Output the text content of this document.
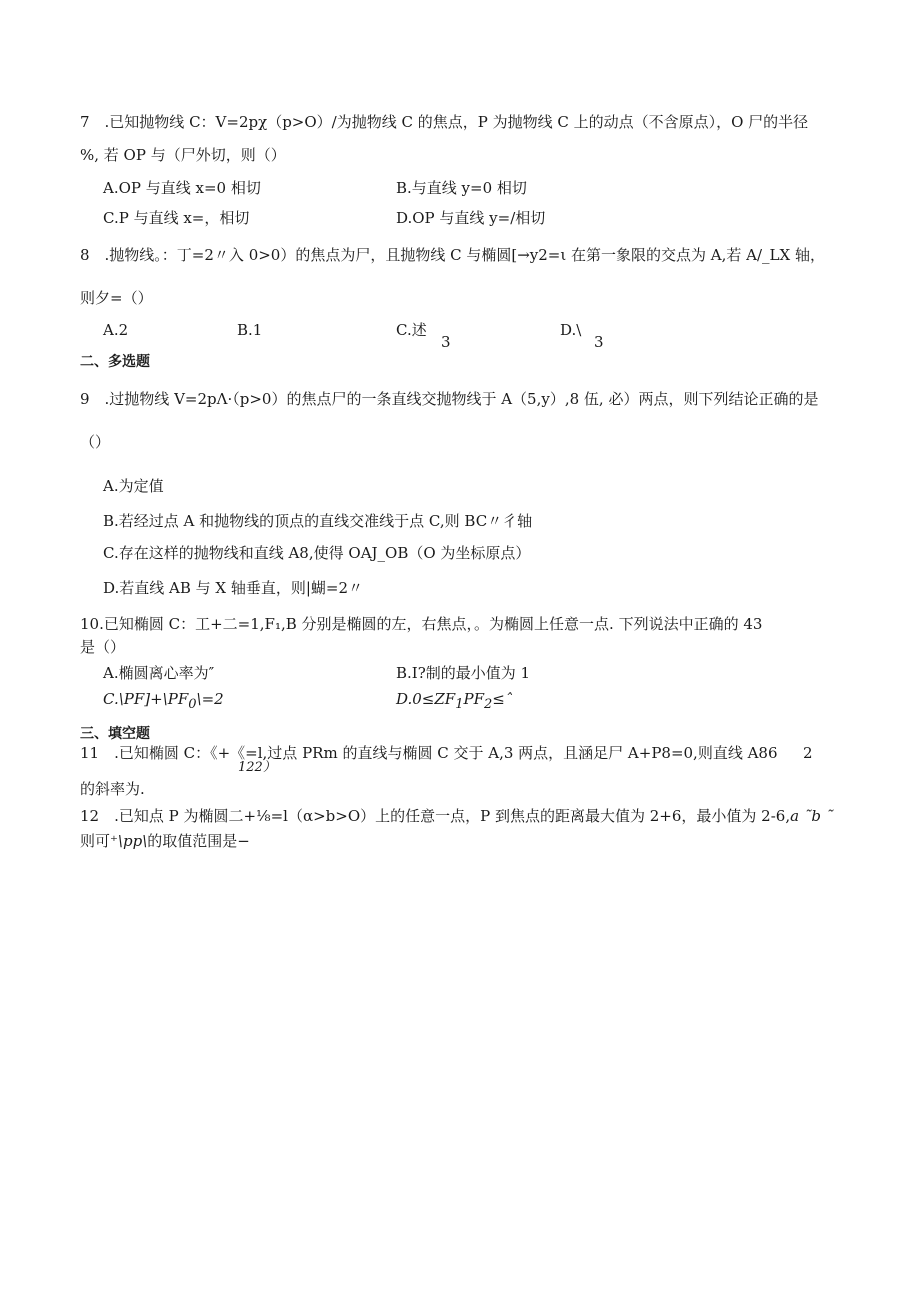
7　.已知抛物线 C：V=2pχ（p>O）/为抛物线 C 的焦点，P 为抛物线 C 上的动点（不含原点），O 尸的半径
%, 若 OP 与（尸外切，则（）
A.OP 与直线 x=0 相切	B.与直线 y=0 相切
C.P 与直线 x=，相切	D.OP 与直线 y=/相切
8　.抛物线。：丁=2〃入 0>0）的焦点为尸，且抛物线 C 与椭圆[→y2=ι 在第一象限的交点为 A,若 A/_LX 轴，
则夕=（）
A.2	B.1	C.述
3
D.\
3
二、多选题
9　.过抛物线 V=2pΛ·（p>0）的焦点尸的一条直线交抛物线于 A（5,y）,8 伍, 必）两点，则下列结论正确的是
（）
A.为定值
B.若经过点 A 和抛物线的顶点的直线交准线于点 C,则 BC〃彳轴
C.存在这样的抛物线和直线 A8,使得 OAJ_OB（O 为坐标原点）
D.若直线 AB 与 X 轴垂直，则|蝴=2〃
10.已知椭圆 C：工+二=1,F₁,B 分别是椭圆的左，右焦点，。为椭圆上任意一点. 下列说法中正确的 43
是（）
A.椭圆离心率为″	B.I?制的最小值为 1
$C.\backslash PF]+\backslash PF_0\backslash=2$	$D.0\le ZF_1PF_2\le ˆ$
三、填空题
11　.已知椭圆 C：《+《=l,过点 PRm 的直线与椭圆 C 交于 A,3 两点，且涵足尸 A+P8=0,则直线 A86 2
122）
的斜率为.
12　.已知点 P 为椭圆二+⅛=l（α>b>O）上的任意一点，P 到焦点的距离最大值为 2+6，最小值为 2-6,a ˜b ˜
则可⁺\pp\的取值范围是−
